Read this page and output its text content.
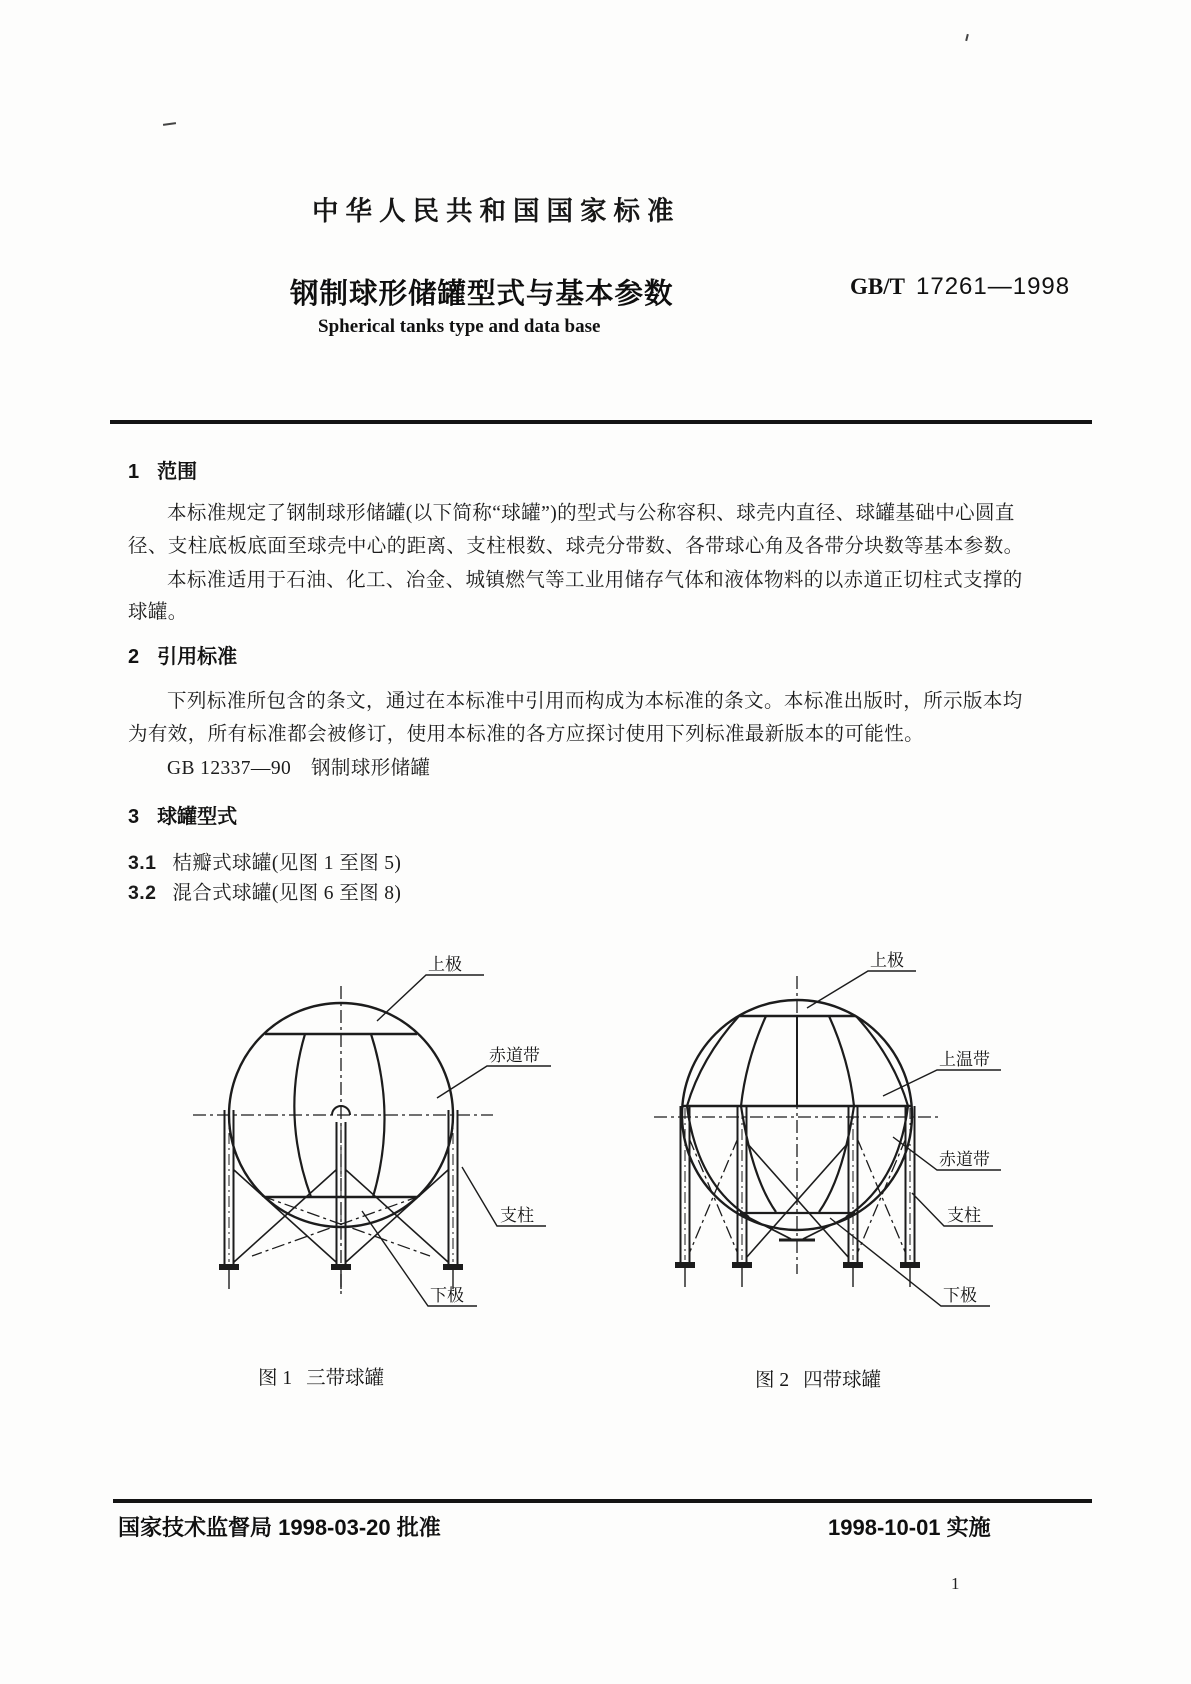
中华人民共和国国家标准
钢制球形储罐型式与基本参数	GB/T 17261—1998
Spherical tanks type and data base
1 范围
本标准规定了钢制球形储罐(以下简称“球罐”)的型式与公称容积、球壳内直径、球罐基础中心圆直
径、支柱底板底面至球壳中心的距离、支柱根数、球壳分带数、各带球心角及各带分块数等基本参数。
本标准适用于石油、化工、冶金、城镇燃气等工业用储存气体和液体物料的以赤道正切柱式支撑的
球罐。
2 引用标准
下列标准所包含的条文，通过在本标准中引用而构成为本标准的条文。本标准出版时，所示版本均
为有效，所有标准都会被修订，使用本标准的各方应探讨使用下列标准最新版本的可能性。
GB 12337—90　钢制球形储罐
3 球罐型式
3.1 桔瓣式球罐(见图 1 至图 5)
3.2 混合式球罐(见图 6 至图 8)
上极
赤道带
支柱
下极
上极
上温带
赤道带
支柱
下极
图 1 三带球罐	图 2 四带球罐
国家技术监督局 1998-03-20 批准	1998-10-01 实施
1
